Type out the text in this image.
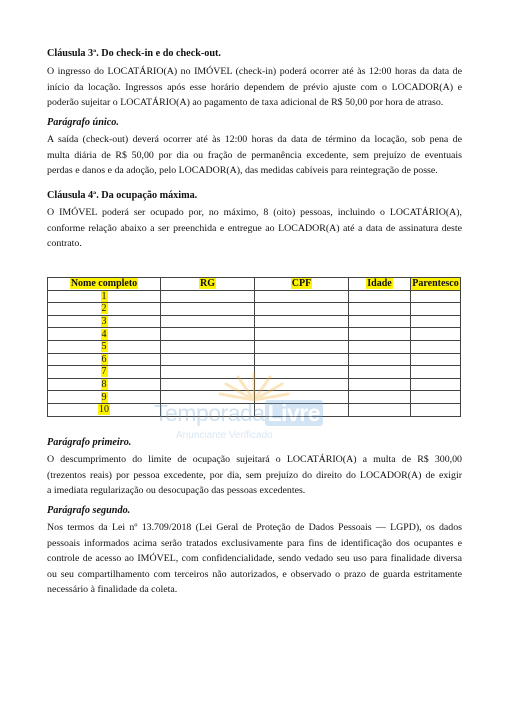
Cláusula 3ª. Do check-in e do check-out.
O ingresso do LOCATÁRIO(A) no IMÓVEL (check-in) poderá ocorrer até às 12:00 horas da data de
início da locação. Ingressos após esse horário dependem de prévio ajuste com o LOCADOR(A) e
poderão sujeitar o LOCATÁRIO(A) ao pagamento de taxa adicional de R$ 50,00 por hora de atraso.
Parágrafo único.
A saída (check-out) deverá ocorrer até às 12:00 horas da data de término da locação, sob pena de
multa diária de R$ 50,00 por dia ou fração de permanência excedente, sem prejuízo de eventuais
perdas e danos e da adoção, pelo LOCADOR(A), das medidas cabíveis para reintegração de posse.
Cláusula 4ª. Da ocupação máxima.
O IMÓVEL poderá ser ocupado por, no máximo, 8 (oito) pessoas, incluindo o LOCATÁRIO(A),
conforme relação abaixo a ser preenchida e entregue ao LOCADOR(A) até a data de assinatura deste
contrato.
Nome completo	RG	CPF	Idade	Parentesco
1				
2				
3				
4				
5				
6				
7				
8				
9				
10				Temporada Livre
Anunciante Verificado
Parágrafo primeiro.
O descumprimento do limite de ocupação sujeitará o LOCATÁRIO(A) a multa de R$ 300,00
(trezentos reais) por pessoa excedente, por dia, sem prejuízo do direito do LOCADOR(A) de exigir
a imediata regularização ou desocupação das pessoas excedentes.
Parágrafo segundo.
Nos termos da Lei nº 13.709/2018 (Lei Geral de Proteção de Dados Pessoais — LGPD), os dados
pessoais informados acima serão tratados exclusivamente para fins de identificação dos ocupantes e
controle de acesso ao IMÓVEL, com confidencialidade, sendo vedado seu uso para finalidade diversa
ou seu compartilhamento com terceiros não autorizados, e observado o prazo de guarda estritamente
necessário à finalidade da coleta.
